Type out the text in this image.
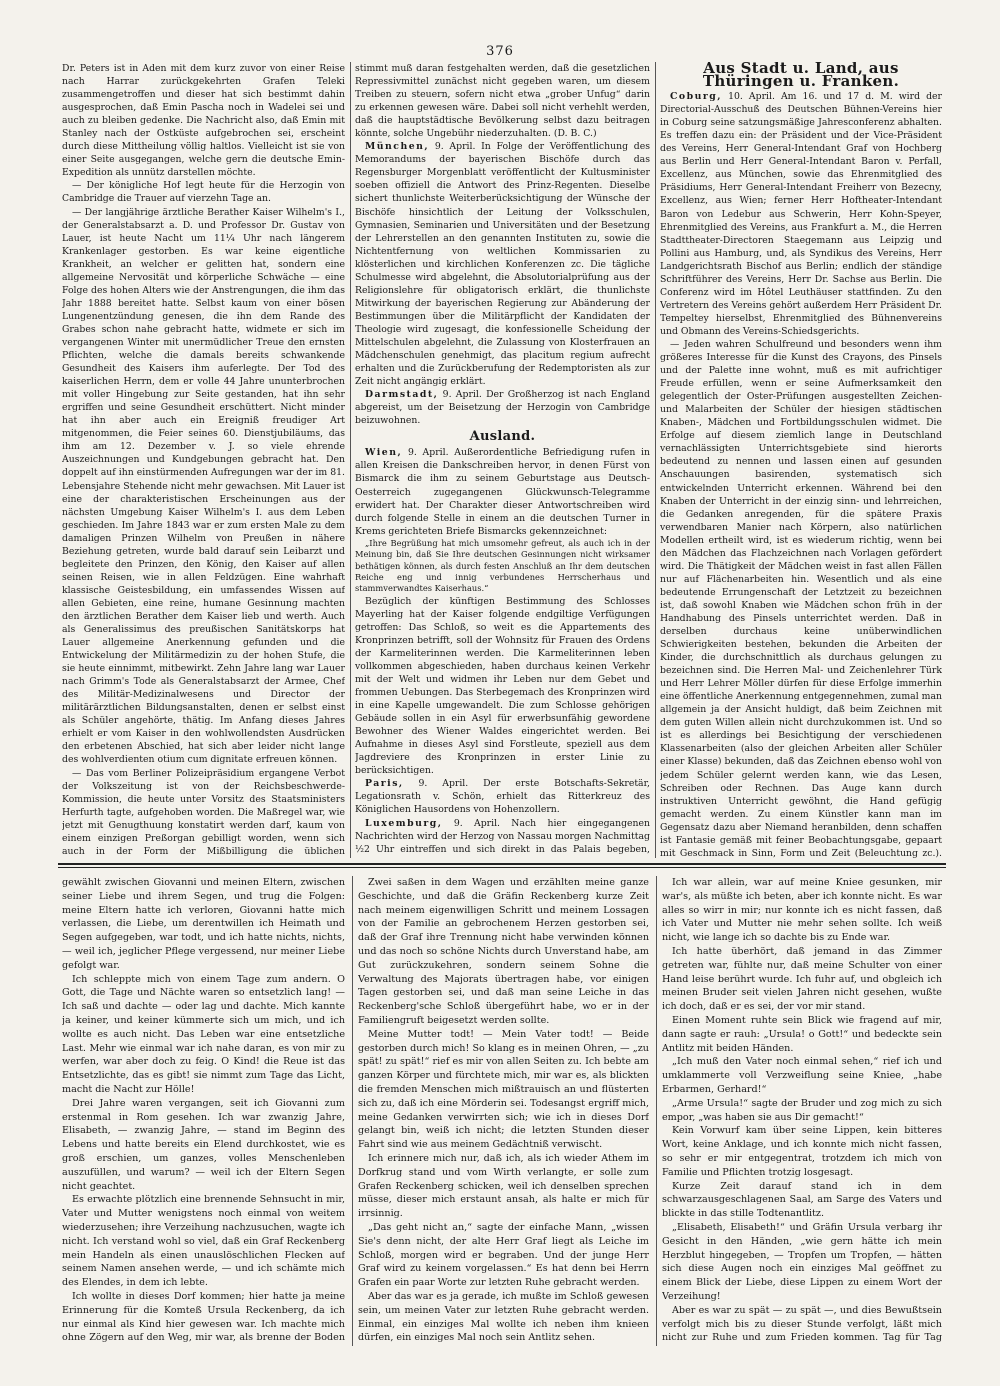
376

Dr. Peters ist in Aden mit dem kurz zuvor von einer Reise nach Harrar zurückgekehrten Grafen Teleki zusammengetroffen und dieser hat sich bestimmt dahin ausgesprochen, daß Emin Pascha noch in Wadelei sei und auch zu bleiben gedenke. Die Nachricht also, daß Emin mit Stanley nach der Ostküste aufgebrochen sei, erscheint durch diese Mittheilung völlig haltlos. Vielleicht ist sie von einer Seite ausgegangen, welche gern die deutsche Emin-Expedition als unnütz darstellen möchte.

— Der königliche Hof legt heute für die Herzogin von Cambridge die Trauer auf vierzehn Tage an.

— Der langjährige ärztliche Berather Kaiser Wilhelm's I., der Generalstabsarzt a. D. und Professor Dr. Gustav von Lauer, ist heute Nacht um 11¼ Uhr nach längerem Krankenlager gestorben. Es war keine eigentliche Krankheit, an welcher er gelitten hat, sondern eine allgemeine Nervosität und körperliche Schwäche — eine Folge des hohen Alters wie der Anstrengungen, die ihm das Jahr 1888 bereitet hatte. Selbst kaum von einer bösen Lungenentzündung genesen, die ihn dem Rande des Grabes schon nahe gebracht hatte, widmete er sich im vergangenen Winter mit unermüdlicher Treue den ernsten Pflichten, welche die damals bereits schwankende Gesundheit des Kaisers ihm auferlegte. Der Tod des kaiserlichen Herrn, dem er volle 44 Jahre ununterbrochen mit voller Hingebung zur Seite gestanden, hat ihn sehr ergriffen und seine Gesundheit erschüttert. Nicht minder hat ihn aber auch ein Ereigniß freudiger Art mitgenommen, die Feier seines 60. Dienstjubiläums, das ihm am 12. Dezember v. J. so viele ehrende Auszeichnungen und Kundgebungen gebracht hat. Den doppelt auf ihn einstürmenden Aufregungen war der im 81. Lebensjahre Stehende nicht mehr gewachsen. Mit Lauer ist eine der charakteristischen Erscheinungen aus der nächsten Umgebung Kaiser Wilhelm's I. aus dem Leben geschieden. Im Jahre 1843 war er zum ersten Male zu dem damaligen Prinzen Wilhelm von Preußen in nähere Beziehung getreten, wurde bald darauf sein Leibarzt und begleitete den Prinzen, den König, den Kaiser auf allen seinen Reisen, wie in allen Feldzügen. Eine wahrhaft klassische Geistesbildung, ein umfassendes Wissen auf allen Gebieten, eine reine, humane Gesinnung machten den ärztlichen Berather dem Kaiser lieb und werth. Auch als Generalissimus des preußischen Sanitätskorps hat Lauer allgemeine Anerkennung gefunden und die Entwickelung der Militärmedizin zu der hohen Stufe, die sie heute einnimmt, mitbewirkt. Zehn Jahre lang war Lauer nach Grimm's Tode als Generalstabsarzt der Armee, Chef des Militär-Medizinalwesens und Director der militärärztlichen Bildungsanstalten, denen er selbst einst als Schüler angehörte, thätig. Im Anfang dieses Jahres erhielt er vom Kaiser in den wohlwollendsten Ausdrücken den erbetenen Abschied, hat sich aber leider nicht lange des wohlverdienten otium cum dignitate erfreuen können.

— Das vom Berliner Polizeipräsidium ergangene Verbot der Volkszeitung ist von der Reichsbeschwerde-Kommission, die heute unter Vorsitz des Staatsministers Herfurth tagte, aufgehoben worden. Die Maßregel war, wie jetzt mit Genugthuung konstatirt werden darf, kaum von einem einzigen Preßorgan gebilligt worden, wenn sich auch in der Form der Mißbilligung die üblichen

stimmt muß daran festgehalten werden, daß die gesetzlichen Repressivmittel zunächst nicht gegeben waren, um diesem Treiben zu steuern, sofern nicht etwa „grober Unfug“ darin zu erkennen gewesen wäre. Dabei soll nicht verhehlt werden, daß die hauptstädtische Bevölkerung selbst dazu beitragen könnte, solche Ungebühr niederzuhalten. (D. B. C.)

München, 9. April. In Folge der Veröffentlichung des Memorandums der bayerischen Bischöfe durch das Regensburger Morgenblatt veröffentlicht der Kultusminister soeben offiziell die Antwort des Prinz-Regenten. Dieselbe sichert thunlichste Weiterberücksichtigung der Wünsche der Bischöfe hinsichtlich der Leitung der Volksschulen, Gymnasien, Seminarien und Universitäten und der Besetzung der Lehrerstellen an den genannten Instituten zu, sowie die Nichtentfernung von weltlichen Kommissarien zu klösterlichen und kirchlichen Konferenzen zc. Die tägliche Schulmesse wird abgelehnt, die Absolutorialprüfung aus der Religionslehre für obligatorisch erklärt, die thunlichste Mitwirkung der bayerischen Regierung zur Abänderung der Bestimmungen über die Militärpflicht der Kandidaten der Theologie wird zugesagt, die konfessionelle Scheidung der Mittelschulen abgelehnt, die Zulassung von Klosterfrauen an Mädchenschulen genehmigt, das placitum regium aufrecht erhalten und die Zurückberufung der Redemptoristen als zur Zeit nicht angängig erklärt.

Darmstadt, 9. April. Der Großherzog ist nach England abgereist, um der Beisetzung der Herzogin von Cambridge beizuwohnen.

Ausland.

Wien, 9. April. Außerordentliche Befriedigung rufen in allen Kreisen die Dankschreiben hervor, in denen Fürst von Bismarck die ihm zu seinem Geburtstage aus Deutsch-Oesterreich zugegangenen Glückwunsch-Telegramme erwidert hat. Der Charakter dieser Antwortschreiben wird durch folgende Stelle in einem an die deutschen Turner in Krems gerichteten Briefe Bismarcks gekennzeichnet:

„Ihre Begrüßung hat mich umsomehr gefreut, als auch ich in der Meinung bin, daß Sie Ihre deutschen Gesinnungen nicht wirksamer bethätigen können, als durch festen Anschluß an Ihr dem deutschen Reiche eng und innig verbundenes Herrscherhaus und stammverwandtes Kaiserhaus.“

Bezüglich der künftigen Bestimmung des Schlosses Mayerling hat der Kaiser folgende endgiltige Verfügungen getroffen: Das Schloß, so weit es die Appartements des Kronprinzen betrifft, soll der Wohnsitz für Frauen des Ordens der Karmeliterinnen werden. Die Karmeliterinnen leben vollkommen abgeschieden, haben durchaus keinen Verkehr mit der Welt und widmen ihr Leben nur dem Gebet und frommen Uebungen. Das Sterbegemach des Kronprinzen wird in eine Kapelle umgewandelt. Die zum Schlosse gehörigen Gebäude sollen in ein Asyl für erwerbsunfähig gewordene Bewohner des Wiener Waldes eingerichtet werden. Bei Aufnahme in dieses Asyl sind Forstleute, speziell aus dem Jagdreviere des Kronprinzen in erster Linie zu berücksichtigen.

Paris, 9. April. Der erste Botschafts-Sekretär, Legationsrath v. Schön, erhielt das Ritterkreuz des Königlichen Hausordens von Hohenzollern.

Luxemburg, 9. April. Nach hier eingegangenen Nachrichten wird der Herzog von Nassau morgen Nachmittag ½2 Uhr eintreffen und sich direkt in das Palais begeben,

Aus Stadt u. Land, aus Thüringen u. Franken.

Coburg, 10. April. Am 16. und 17 d. M. wird der Directorial-Ausschuß des Deutschen Bühnen-Vereins hier in Coburg seine satzungsmäßige Jahresconferenz abhalten. Es treffen dazu ein: der Präsident und der Vice-Präsident des Vereins, Herr General-Intendant Graf von Hochberg aus Berlin und Herr General-Intendant Baron v. Perfall, Excellenz, aus München, sowie das Ehrenmitglied des Präsidiums, Herr General-Intendant Freiherr von Bezecny, Excellenz, aus Wien; ferner Herr Hoftheater-Intendant Baron von Ledebur aus Schwerin, Herr Kohn-Speyer, Ehrenmitglied des Vereins, aus Frankfurt a. M., die Herren Stadttheater-Directoren Staegemann aus Leipzig und Pollini aus Hamburg, und, als Syndikus des Vereins, Herr Landgerichtsrath Bischof aus Berlin; endlich der ständige Schriftführer des Vereins, Herr Dr. Sachse aus Berlin. Die Conferenz wird im Hôtel Leuthäuser stattfinden. Zu den Vertretern des Vereins gehört außerdem Herr Präsident Dr. Tempeltey hierselbst, Ehrenmitglied des Bühnenvereins und Obmann des Vereins-Schiedsgerichts.

— Jeden wahren Schulfreund und besonders wenn ihm größeres Interesse für die Kunst des Crayons, des Pinsels und der Palette inne wohnt, muß es mit aufrichtiger Freude erfüllen, wenn er seine Aufmerksamkeit den gelegentlich der Oster-Prüfungen ausgestellten Zeichen- und Malarbeiten der Schüler der hiesigen städtischen Knaben-, Mädchen und Fortbildungsschulen widmet. Die Erfolge auf diesem ziemlich lange in Deutschland vernachlässigten Unterrichtsgebiete sind hierorts bedeutend zu nennen und lassen einen auf gesunden Anschauungen basirenden, systematisch sich entwickelnden Unterricht erkennen. Während bei den Knaben der Unterricht in der einzig sinn- und lehrreichen, die Gedanken anregenden, für die spätere Praxis verwendbaren Manier nach Körpern, also natürlichen Modellen ertheilt wird, ist es wiederum richtig, wenn bei den Mädchen das Flachzeichnen nach Vorlagen gefördert wird. Die Thätigkeit der Mädchen weist in fast allen Fällen nur auf Flächenarbeiten hin. Wesentlich und als eine bedeutende Errungenschaft der Letztzeit zu bezeichnen ist, daß sowohl Knaben wie Mädchen schon früh in der Handhabung des Pinsels unterrichtet werden. Daß in derselben durchaus keine unüberwindlichen Schwierigkeiten bestehen, bekunden die Arbeiten der Kinder, die durchschnittlich als durchaus gelungen zu bezeichnen sind. Die Herren Mal- und Zeichenlehrer Türk und Herr Lehrer Möller dürfen für diese Erfolge immerhin eine öffentliche Anerkennung entgegennehmen, zumal man allgemein ja der Ansicht huldigt, daß beim Zeichnen mit dem guten Willen allein nicht durchzukommen ist. Und so ist es allerdings bei Besichtigung der verschiedenen Klassenarbeiten (also der gleichen Arbeiten aller Schüler einer Klasse) bekunden, daß das Zeichnen ebenso wohl von jedem Schüler gelernt werden kann, wie das Lesen, Schreiben oder Rechnen. Das Auge kann durch instruktiven Unterricht gewöhnt, die Hand gefügig gemacht werden. Zu einem Künstler kann man im Gegensatz dazu aber Niemand heranbilden, denn schaffen ist Fantasie gemäß mit feiner Beobachtungsgabe, gepaart mit Geschmack in Sinn, Form und Zeit (Beleuchtung zc.).

gewählt zwischen Giovanni und meinen Eltern, zwischen seiner Liebe und ihrem Segen, und trug die Folgen: meine Eltern hatte ich verloren, Giovanni hatte mich verlassen, die Liebe, um derentwillen ich Heimath und Segen aufgegeben, war todt, und ich hatte nichts, nichts, — weil ich, jeglicher Pflege vergessend, nur meiner Liebe gefolgt war.

Ich schleppte mich von einem Tage zum andern. O Gott, die Tage und Nächte waren so entsetzlich lang! — Ich saß und dachte — oder lag und dachte. Mich kannte ja keiner, und keiner kümmerte sich um mich, und ich wollte es auch nicht. Das Leben war eine entsetzliche Last. Mehr wie einmal war ich nahe daran, es von mir zu werfen, war aber doch zu feig. O Kind! die Reue ist das Entsetzlichte, das es gibt! sie nimmt zum Tage das Licht, macht die Nacht zur Hölle!

Drei Jahre waren vergangen, seit ich Giovanni zum erstenmal in Rom gesehen. Ich war zwanzig Jahre, Elisabeth, — zwanzig Jahre, — stand im Beginn des Lebens und hatte bereits ein Elend durchkostet, wie es groß erschien, um ganzes, volles Menschenleben auszufüllen, und warum? — weil ich der Eltern Segen nicht geachtet.

Es erwachte plötzlich eine brennende Sehnsucht in mir, Vater und Mutter wenigstens noch einmal von weitem wiederzusehen; ihre Verzeihung nachzusuchen, wagte ich nicht. Ich verstand wohl so viel, daß ein Graf Reckenberg mein Handeln als einen unauslöschlichen Flecken auf seinem Namen ansehen werde, — und ich schämte mich des Elendes, in dem ich lebte.

Ich wollte in dieses Dorf kommen; hier hatte ja meine Erinnerung für die Komteß Ursula Reckenberg, da ich nur einmal als Kind hier gewesen war. Ich machte mich ohne Zögern auf den Weg, mir war, als brenne der Boden

Zwei saßen in dem Wagen und erzählten meine ganze Geschichte, und daß die Gräfin Reckenberg kurze Zeit nach meinem eigenwilligen Schritt und meinem Lossagen von der Familie an gebrochenem Herzen gestorben sei, daß der Graf ihre Trennung nicht habe verwinden können und das noch so schöne Nichts durch Unverstand habe, am Gut zurückzukehren, sondern seinem Sohne die Verwaltung des Majorats übertragen habe, vor einigen Tagen gestorben sei, und daß man seine Leiche in das Reckenberg'sche Schloß übergeführt habe, wo er in der Familiengruft beigesetzt werden sollte.

Meine Mutter todt! — Mein Vater todt! — Beide gestorben durch mich! So klang es in meinen Ohren, — „zu spät! zu spät!“ rief es mir von allen Seiten zu. Ich bebte am ganzen Körper und fürchtete mich, mir war es, als blickten die fremden Menschen mich mißtrauisch an und flüsterten sich zu, daß ich eine Mörderin sei. Todesangst ergriff mich, meine Gedanken verwirrten sich; wie ich in dieses Dorf gelangt bin, weiß ich nicht; die letzten Stunden dieser Fahrt sind wie aus meinem Gedächtniß verwischt.

Ich erinnere mich nur, daß ich, als ich wieder Athem im Dorfkrug stand und vom Wirth verlangte, er solle zum Grafen Reckenberg schicken, weil ich denselben sprechen müsse, dieser mich erstaunt ansah, als halte er mich für irrsinnig.

„Das geht nicht an,“ sagte der einfache Mann, „wissen Sie's denn nicht, der alte Herr Graf liegt als Leiche im Schloß, morgen wird er begraben. Und der junge Herr Graf wird zu keinem vorgelassen.“ Es hat denn bei Herrn Grafen ein paar Worte zur letzten Ruhe gebracht werden.

Aber das war es ja gerade, ich mußte im Schloß gewesen sein, um meinen Vater zur letzten Ruhe gebracht werden. Einmal, ein einziges Mal wollte ich neben ihm knieen dürfen, ein einziges Mal noch sein Antlitz sehen.

Ich war allein, war auf meine Kniee gesunken, mir war's, als müßte ich beten, aber ich konnte nicht. Es war alles so wirr in mir; nur konnte ich es nicht fassen, daß ich Vater und Mutter nie mehr sehen sollte. Ich weiß nicht, wie lange ich so dachte bis zu Ende war.

Ich hatte überhört, daß jemand in das Zimmer getreten war, fühlte nur, daß meine Schulter von einer Hand leise berührt wurde. Ich fuhr auf, und obgleich ich meinen Bruder seit vielen Jahren nicht gesehen, wußte ich doch, daß er es sei, der vor mir stand.

Einen Moment ruhte sein Blick wie fragend auf mir, dann sagte er rauh: „Ursula! o Gott!“ und bedeckte sein Antlitz mit beiden Händen.

„Ich muß den Vater noch einmal sehen,“ rief ich und umklammerte voll Verzweiflung seine Kniee, „habe Erbarmen, Gerhard!“

„Arme Ursula!“ sagte der Bruder und zog mich zu sich empor, „was haben sie aus Dir gemacht!“

Kein Vorwurf kam über seine Lippen, kein bitteres Wort, keine Anklage, und ich konnte mich nicht fassen, so sehr er mir entgegentrat, trotzdem ich mich von Familie und Pflichten trotzig losgesagt.

Kurze Zeit darauf stand ich in dem schwarzausgeschlagenen Saal, am Sarge des Vaters und blickte in das stille Todtenantlitz.

„Elisabeth, Elisabeth!“ und Gräfin Ursula verbarg ihr Gesicht in den Händen, „wie gern hätte ich mein Herzblut hingegeben, — Tropfen um Tropfen, — hätten sich diese Augen noch ein einziges Mal geöffnet zu einem Blick der Liebe, diese Lippen zu einem Wort der Verzeihung!

Aber es war zu spät — zu spät —, und dies Bewußtsein verfolgt mich bis zu dieser Stunde verfolgt, läßt mich nicht zur Ruhe und zum Frieden kommen. Tag für Tag
